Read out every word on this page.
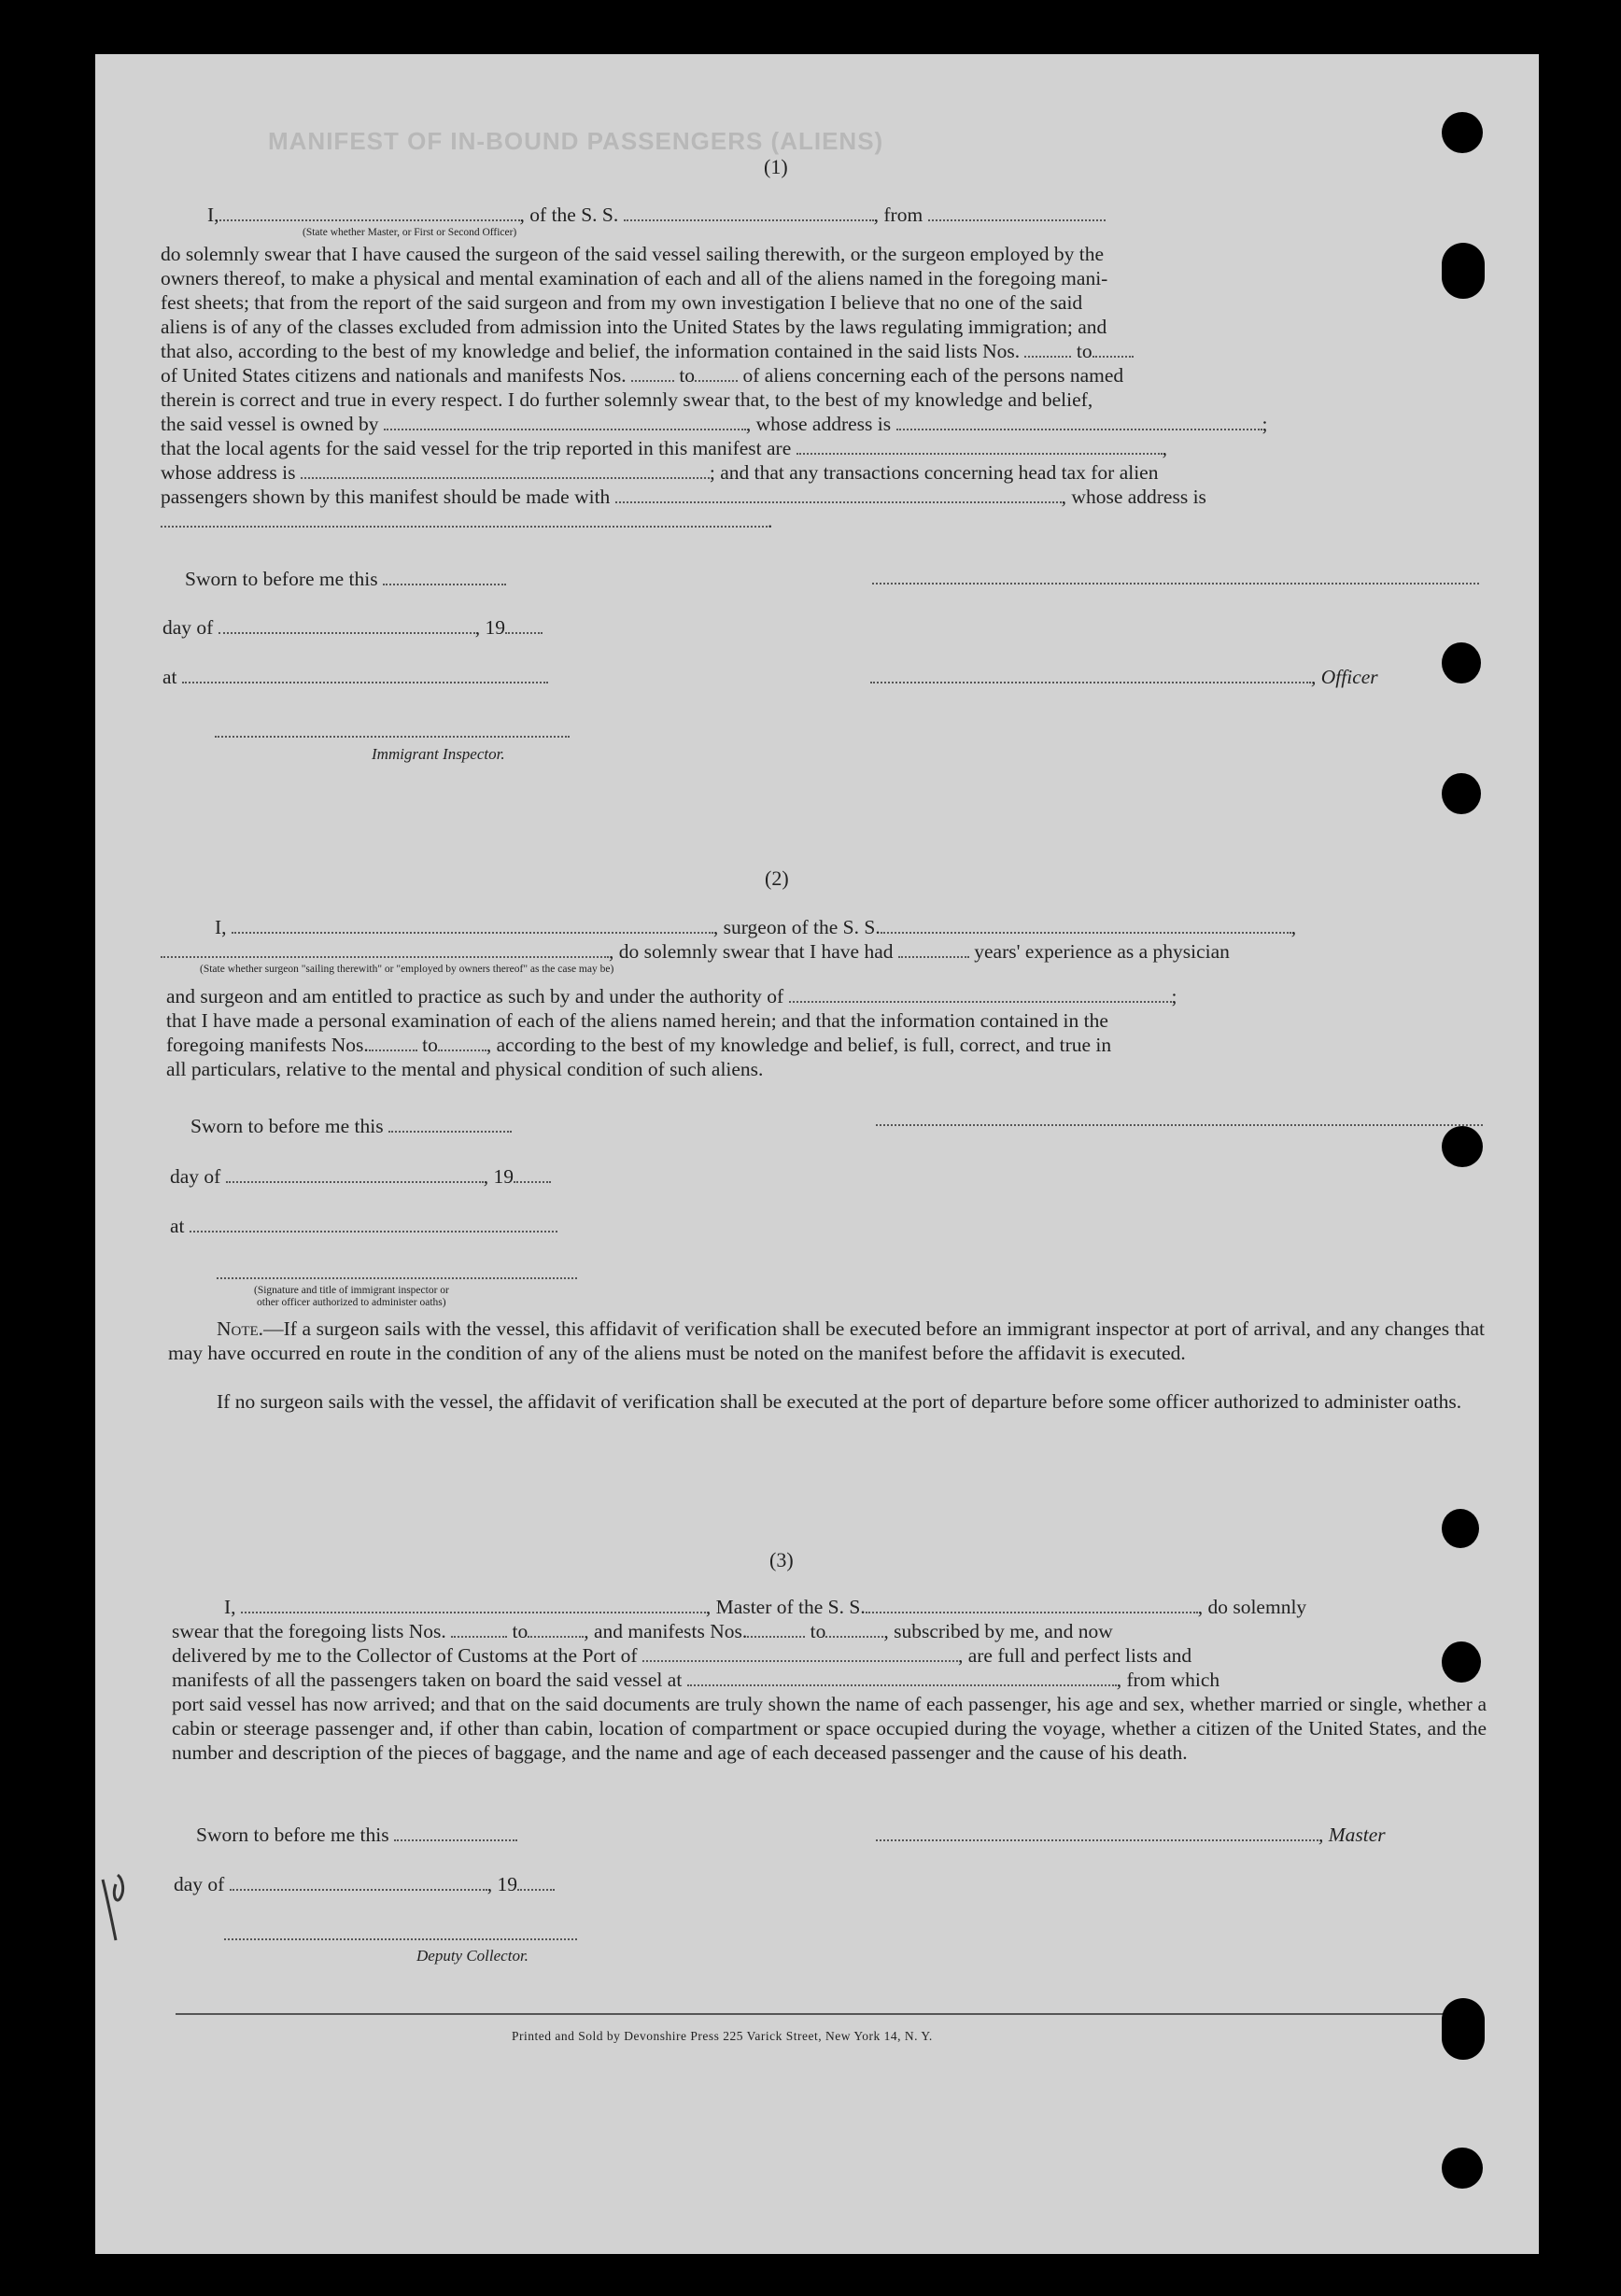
MANIFEST OF IN-BOUND PASSENGERS (ALIENS)
(1)
I,	, of the S. S.	, from
(State whether Master, or First or Second Officer)
do solemnly swear that I have caused the surgeon of the said vessel sailing therewith, or the surgeon employed by the
owners thereof, to make a physical and mental examination of each and all of the aliens named in the foregoing mani-
fest sheets; that from the report of the said surgeon and from my own investigation I believe that no one of the said
aliens is of any of the classes excluded from admission into the United States by the laws regulating immigration; and
that also, according to the best of my knowledge and belief, the information contained in the said lists Nos.	to
of United States citizens and nationals and manifests Nos.	to of aliens concerning each of the persons named
therein is correct and true in every respect. I do further solemnly swear that, to the best of my knowledge and belief,
the said vessel is owned by	, whose address is	;
that the local agents for the said vessel for the trip reported in this manifest are	,
whose address is	; and that any transactions concerning head tax for alien
passengers shown by this manifest should be made with	, whose address is
.
Sworn to before me this
day of	, 19
at	, Officer
Immigrant Inspector.
(2)
I,	, surgeon of the S. S.	,
, do solemnly swear that I have had	years' experience as a physician
(State whether surgeon "sailing therewith" or "employed by owners thereof" as the case may be)
and surgeon and am entitled to practice as such by and under the authority of	;
that I have made a personal examination of each of the aliens named herein; and that the information contained in the
foregoing manifests Nos.	to , according to the best of my knowledge and belief, is full, correct, and true in
all particulars, relative to the mental and physical condition of such aliens.
Sworn to before me this
day of	, 19
at
(Signature and title of immigrant inspector or
other officer authorized to administer oaths)
Note.—If a surgeon sails with the vessel, this affidavit of verification shall be executed before an immigrant inspector at port of arrival, and any changes that may have occurred en route in the condition of any of the aliens must be noted on the manifest before the affidavit is executed.
If no surgeon sails with the vessel, the affidavit of verification shall be executed at the port of departure before some officer authorized to administer oaths.
(3)
I,	, Master of the S. S.	, do solemnly
swear that the foregoing lists Nos.	to	, and manifests Nos.	to	, subscribed by me, and now
delivered by me to the Collector of Customs at the Port of	, are full and perfect lists and
manifests of all the passengers taken on board the said vessel at	, from which
port said vessel has now arrived; and that on the said documents are truly shown the name of each passenger, his age and sex, whether married or single, whether a cabin or steerage passenger and, if other than cabin, location of compartment or space occupied during the voyage, whether a citizen of the United States, and the number and description of the pieces of baggage, and the name and age of each deceased passenger and the cause of his death.
Sworn to before me this	, Master
day of	, 19
Deputy Collector.
Printed and Sold by Devonshire Press 225 Varick Street, New York 14, N. Y.
